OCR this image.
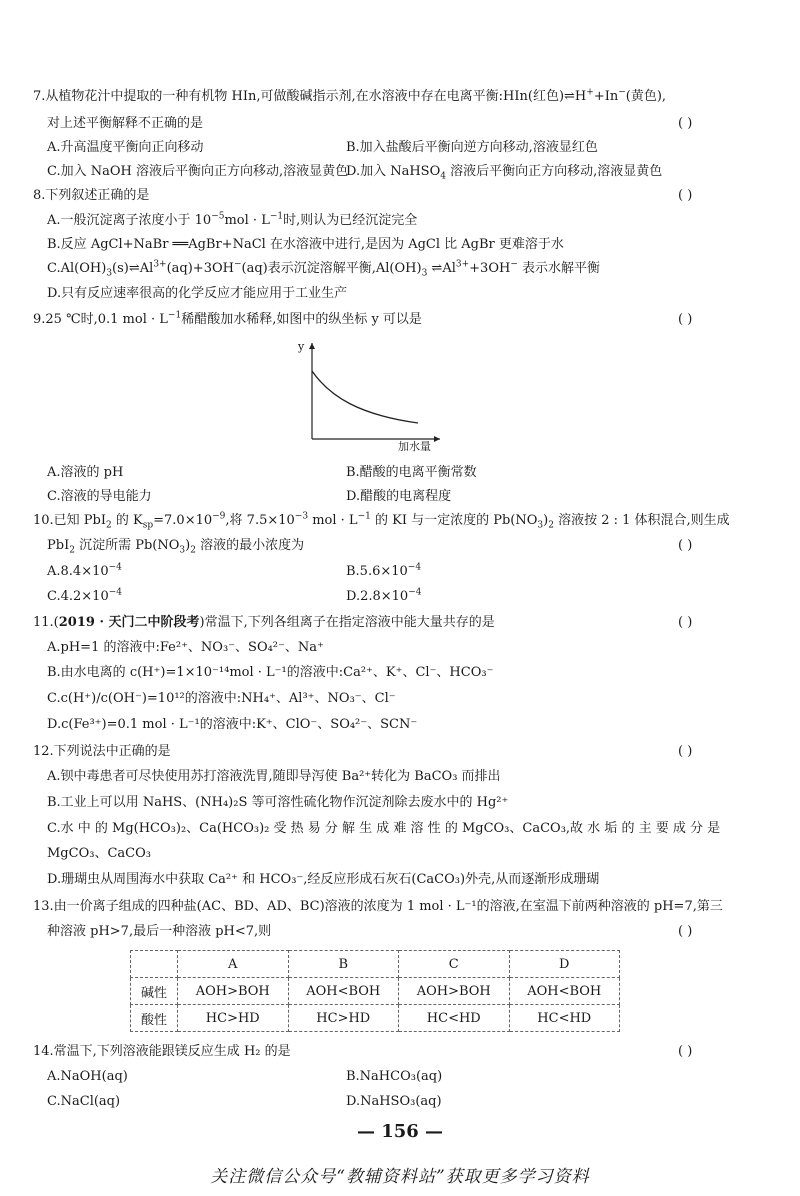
7.从植物花汁中提取的一种有机物 HIn,可做酸碱指示剂,在水溶液中存在电离平衡:HIn(红色)⇌H++In−(黄色),
对上述平衡解释不正确的是	( )
A.升高温度平衡向正向移动	B.加入盐酸后平衡向逆方向移动,溶液显红色
C.加入 NaOH 溶液后平衡向正方向移动,溶液显黄色
D.加入 NaHSO$_4$ 溶液后平衡向正方向移动,溶液显黄色
8.下列叙述正确的是	( )
A.一般沉淀离子浓度小于 $10^{-5}mol \cdot L^{-1}$时,则认为已经沉淀完全
B.反应 AgCl+NaBr ══AgBr+NaCl 在水溶液中进行,是因为 AgCl 比 AgBr 更难溶于水
$C.Al(OH)_3(s)\rightleftharpoons Al^{3+}(aq)+3OH^-(aq)$表示沉淀溶解平衡$,Al(OH)_3$ $\rightleftharpoons Al^{3+}+3OH^-$ 表示水解平衡
D.只有反应速率很高的化学反应才能应用于工业生产
9.25 ℃时,0.1 mol · $L^{-1}$稀醋酸加水稀释,如图中的纵坐标 y 可以是	( )
y
加水量
A.溶液的 pH	B.醋酸的电离平衡常数
C.溶液的导电能力	D.醋酸的电离程度
10.已知 PbI$_2$ 的 $K_{sp}=7.0\times 10^{-9}$,将 $7.5\times 10^{-3}$ mol · $L^{-1}$ 的 KI 与一定浓度的 $Pb(NO_3)_2$ 溶液按 2 : 1 体积混合,则生成
PbI$_2$ 沉淀所需 $Pb(NO_3)_2$ 溶液的最小浓度为	( )
$A.8.4\times 10^{-4}$	$B.5.6\times 10^{-4}$
$C.4.2\times 10^{-4}$	$D.2.8\times 10^{-4}$
11.(2019 · 天门二中阶段考)常温下,下列各组离子在指定溶液中能大量共存的是	( )
A.pH=1 的溶液中:Fe²⁺、NO₃⁻、SO₄²⁻、Na⁺
B.由水电离的 c(H⁺)=1×10⁻¹⁴mol · L⁻¹的溶液中:Ca²⁺、K⁺、Cl⁻、HCO₃⁻
C.c(H⁺)/c(OH⁻)=10¹²的溶液中:NH₄⁺、Al³⁺、NO₃⁻、Cl⁻
D.c(Fe³⁺)=0.1 mol · L⁻¹的溶液中:K⁺、ClO⁻、SO₄²⁻、SCN⁻
12.下列说法中正确的是	( )
A.钡中毒患者可尽快使用苏打溶液洗胃,随即导泻使 Ba²⁺转化为 BaCO₃ 而排出
B.工业上可以用 NaHS、(NH₄)₂S 等可溶性硫化物作沉淀剂除去废水中的 Hg²⁺
C.水 中 的 Mg(HCO₃)₂、Ca(HCO₃)₂ 受 热 易 分 解 生 成 难 溶 性 的 MgCO₃、CaCO₃,故 水 垢 的 主 要 成 分 是
MgCO₃、CaCO₃
D.珊瑚虫从周围海水中获取 Ca²⁺ 和 HCO₃⁻,经反应形成石灰石(CaCO₃)外壳,从而逐渐形成珊瑚
13.由一价离子组成的四种盐(AC、BD、AD、BC)溶液的浓度为 1 mol · L⁻¹的溶液,在室温下前两种溶液的 pH=7,第三
种溶液 pH>7,最后一种溶液 pH<7,则	( )
	A	B	C	D
碱性	AOH>BOH	AOH<BOH	AOH>BOH	AOH<BOH
酸性	HC>HD	HC>HD	HC<HD	HC<HD
14.常温下,下列溶液能跟镁反应生成 H₂ 的是	( )
A.NaOH(aq)	B.NaHCO₃(aq)
C.NaCl(aq)	D.NaHSO₃(aq)
— 156 —
关注微信公众号“教辅资料站”获取更多学习资料
